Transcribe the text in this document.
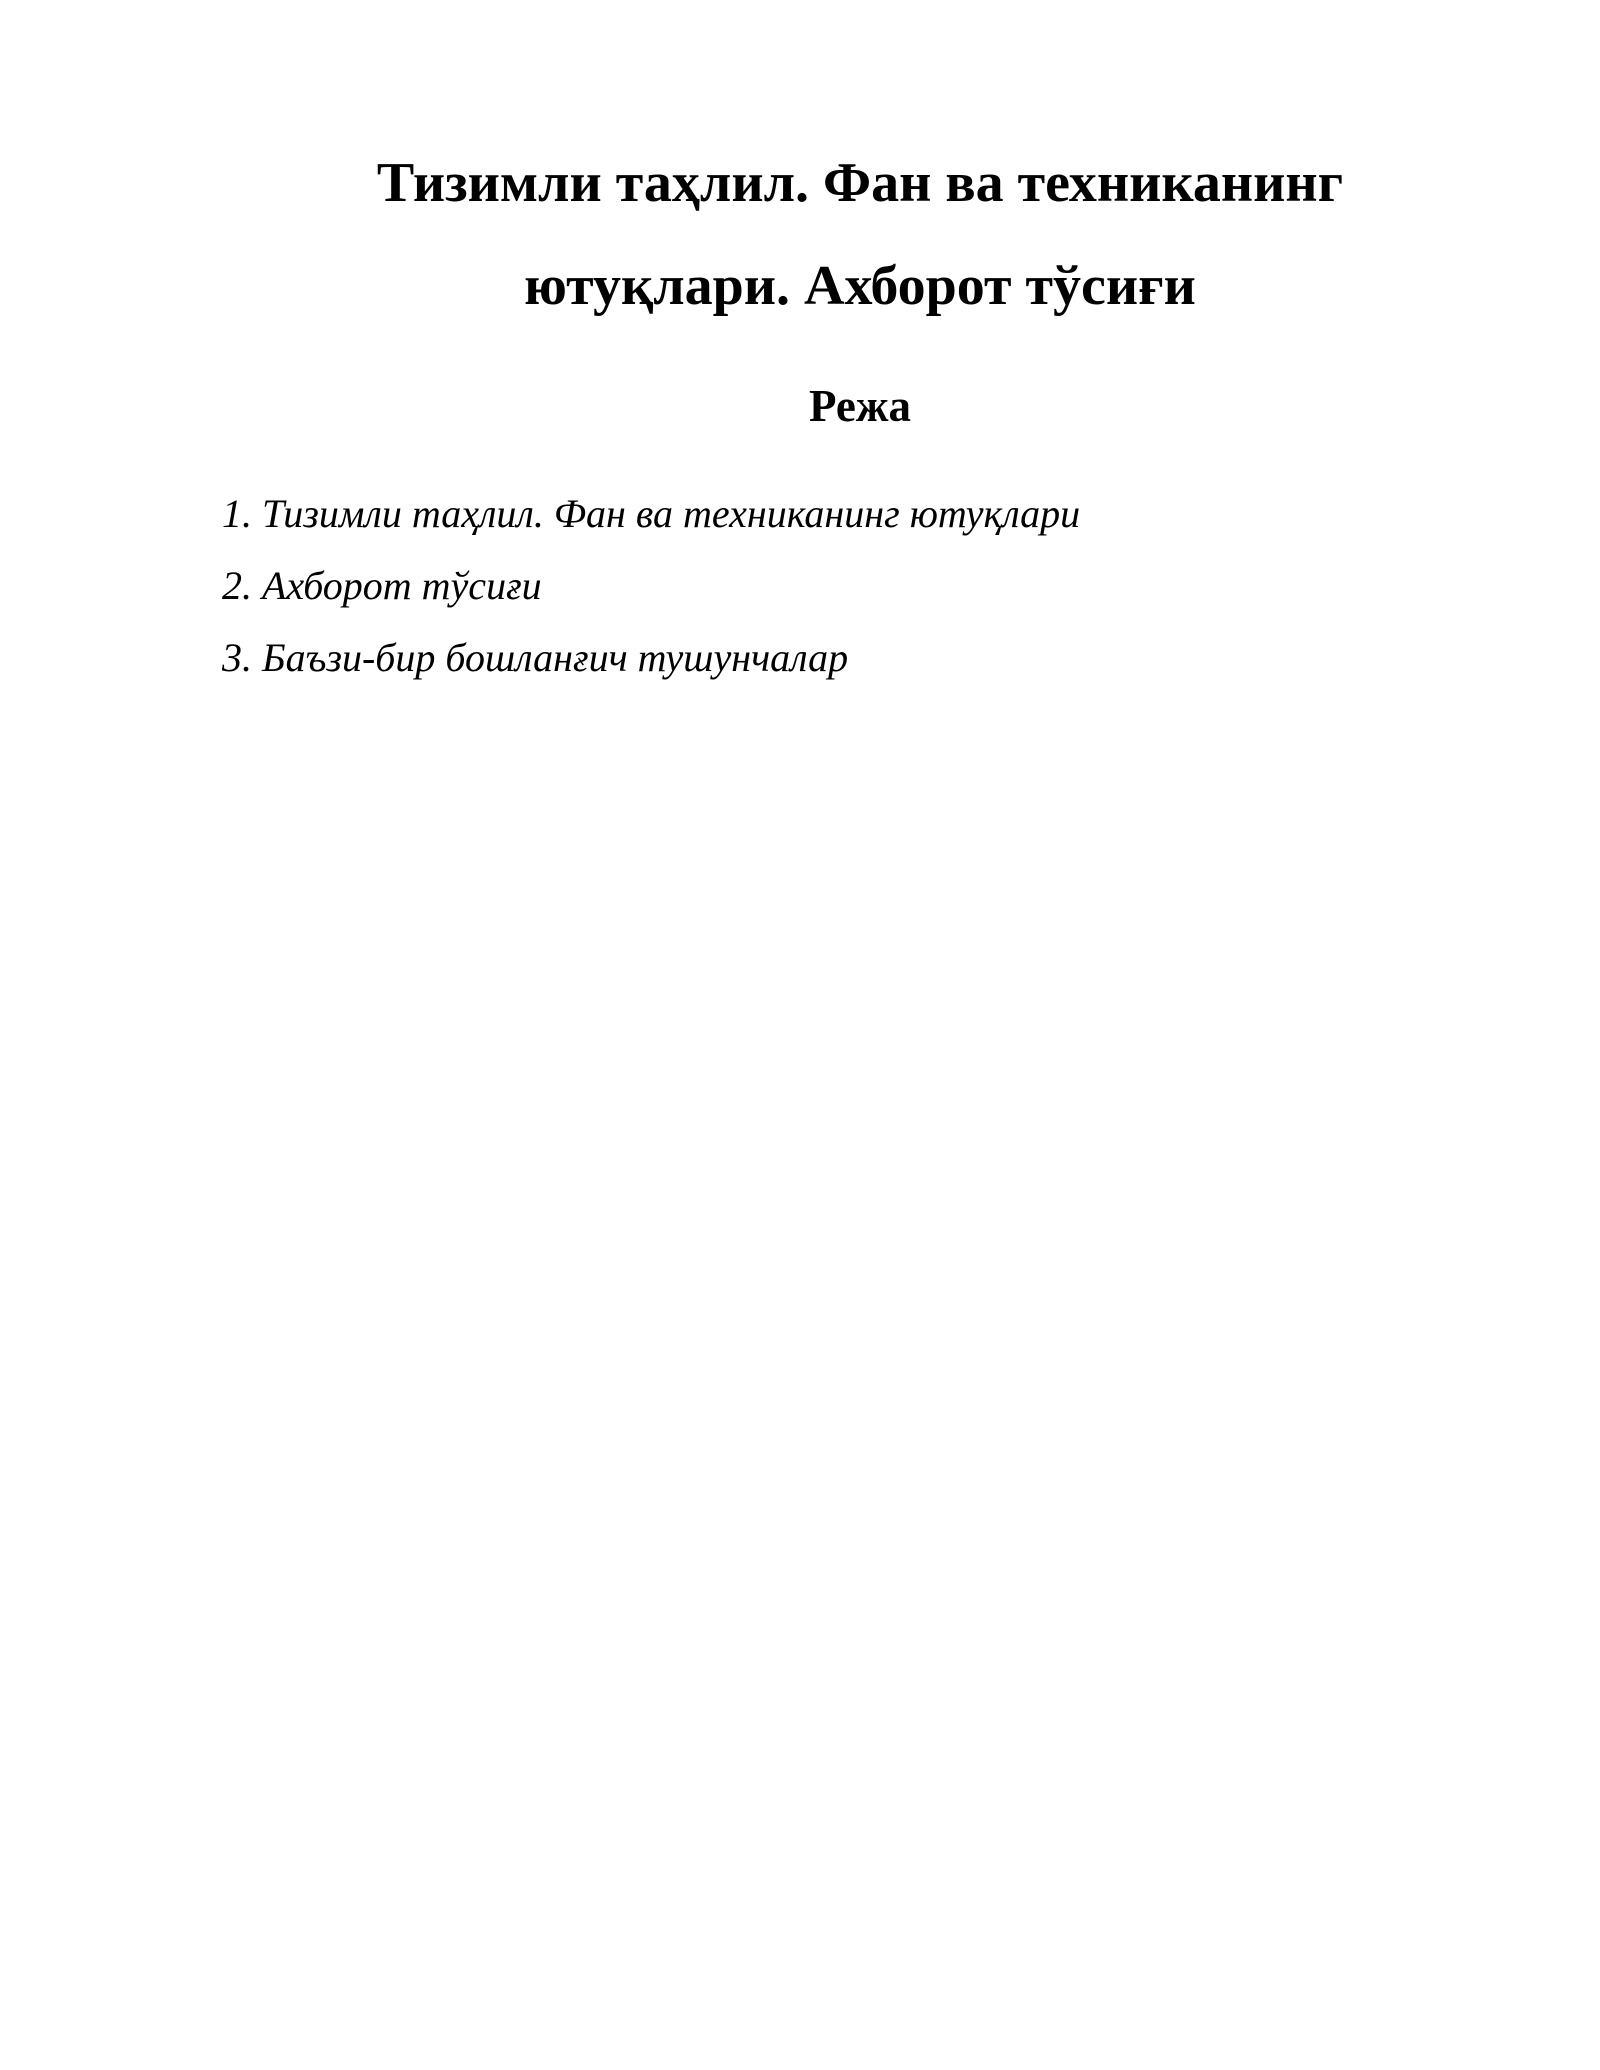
Тизимли таҳлил. Фан ва техниканинг
ютуқлари. Ахборот тўсиғи
Режа
1. Тизимли таҳлил. Фан ва техниканинг ютуқлари
2. Ахборот тўсиғи
3. Баъзи-бир бошланғич тушунчалар
